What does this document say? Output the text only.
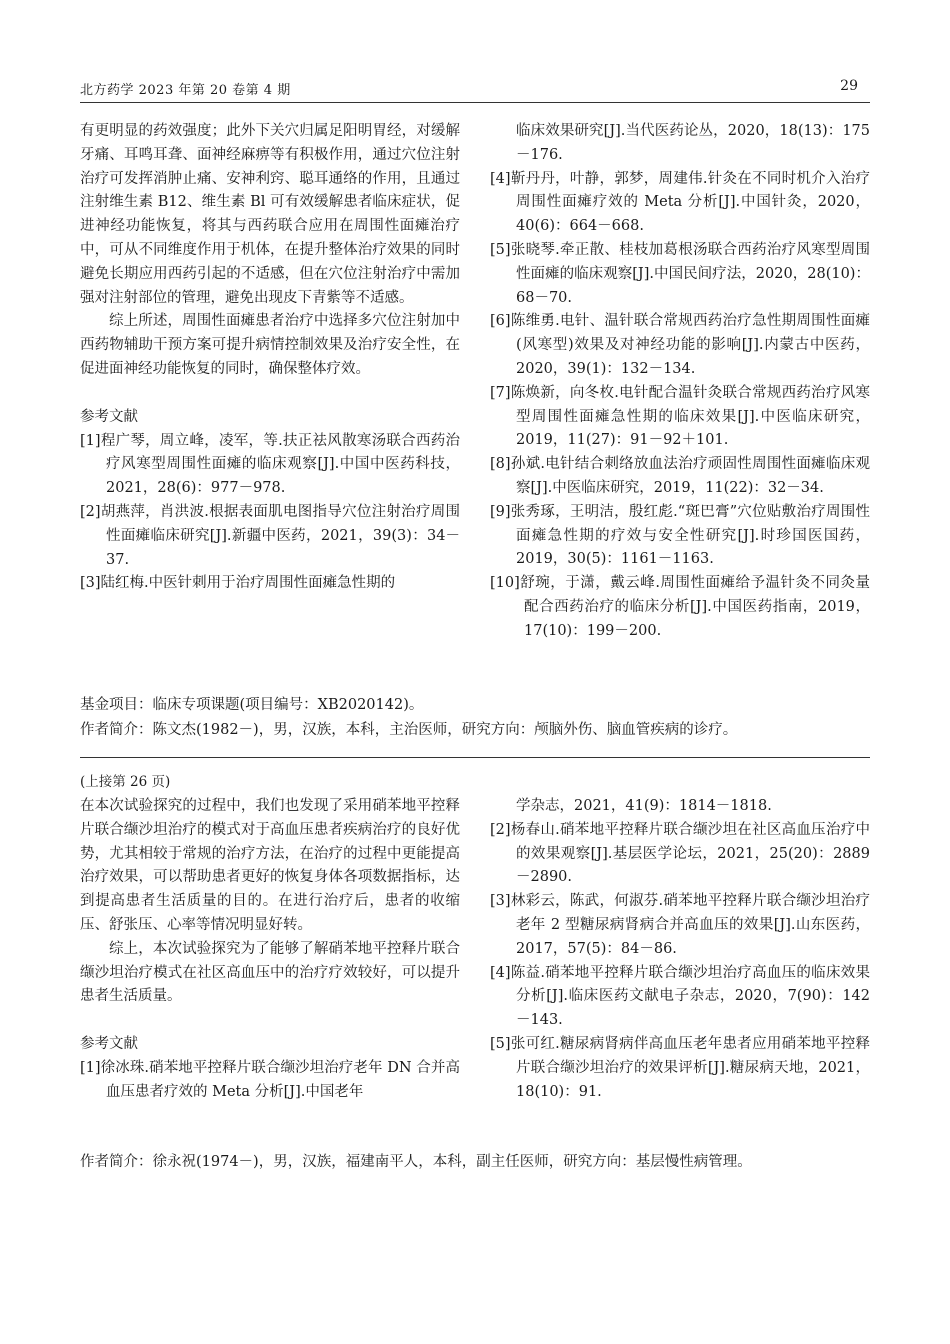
北方药学 2023 年第 20 卷第 4 期	29

有更明显的药效强度；此外下关穴归属足阳明胃经，对缓解牙痛、耳鸣耳聋、面神经麻痹等有积极作用，通过穴位注射治疗可发挥消肿止痛、安神利窍、聪耳通络的作用，且通过注射维生素 B12、维生素 Bl 可有效缓解患者临床症状，促进神经功能恢复，将其与西药联合应用在周围性面瘫治疗中，可从不同维度作用于机体，在提升整体治疗效果的同时避免长期应用西药引起的不适感，但在穴位注射治疗中需加强对注射部位的管理，避免出现皮下青紫等不适感。

综上所述，周围性面瘫患者治疗中选择多穴位注射加中西药物辅助干预方案可提升病情控制效果及治疗安全性，在促进面神经功能恢复的同时，确保整体疗效。

参考文献

[1]程广琴，周立峰，凌军，等.扶正祛风散寒汤联合西药治疗风寒型周围性面瘫的临床观察[J].中国中医药科技，2021，28(6)：977－978.

[2]胡燕萍，肖洪波.根据表面肌电图指导穴位注射治疗周围性面瘫临床研究[J].新疆中医药，2021，39(3)：34－37.

[3]陆红梅.中医针刺用于治疗周围性面瘫急性期的

临床效果研究[J].当代医药论丛，2020，18(13)：175－176.

[4]靳丹丹，叶静，郭梦，周建伟.针灸在不同时机介入治疗周围性面瘫疗效的 Meta 分析[J].中国针灸，2020，40(6)：664－668.

[5]张晓琴.牵正散、桂枝加葛根汤联合西药治疗风寒型周围性面瘫的临床观察[J].中国民间疗法，2020，28(10)：68－70.

[6]陈维勇.电针、温针联合常规西药治疗急性期周围性面瘫(风寒型)效果及对神经功能的影响[J].内蒙古中医药，2020，39(1)：132－134.

[7]陈焕新，向冬枚.电针配合温针灸联合常规西药治疗风寒型周围性面瘫急性期的临床效果[J].中医临床研究，2019，11(27)：91－92＋101.

[8]孙斌.电针结合刺络放血法治疗顽固性周围性面瘫临床观察[J].中医临床研究，2019，11(22)：32－34.

[9]张秀琢，王明洁，殷红彪.“斑巴膏”穴位贴敷治疗周围性面瘫急性期的疗效与安全性研究[J].时珍国医国药，2019，30(5)：1161－1163.

[10]舒琬，于潇，戴云峰.周围性面瘫给予温针灸不同灸量配合西药治疗的临床分析[J].中国医药指南，2019，17(10)：199－200.

基金项目：临床专项课题(项目编号：XB2020142)。
作者简介：陈文杰(1982－)，男，汉族，本科，主治医师，研究方向：颅脑外伤、脑血管疾病的诊疗。
(上接第 26 页)

在本次试验探究的过程中，我们也发现了采用硝苯地平控释片联合缬沙坦治疗的模式对于高血压患者疾病治疗的良好优势，尤其相较于常规的治疗方法，在治疗的过程中更能提高治疗效果，可以帮助患者更好的恢复身体各项数据指标，达到提高患者生活质量的目的。在进行治疗后，患者的收缩压、舒张压、心率等情况明显好转。

综上，本次试验探究为了能够了解硝苯地平控释片联合缬沙坦治疗模式在社区高血压中的治疗疗效较好，可以提升患者生活质量。

参考文献

[1]徐冰珠.硝苯地平控释片联合缬沙坦治疗老年 DN 合并高血压患者疗效的 Meta 分析[J].中国老年

学杂志，2021，41(9)：1814－1818.

[2]杨春山.硝苯地平控释片联合缬沙坦在社区高血压治疗中的效果观察[J].基层医学论坛，2021，25(20)：2889－2890.

[3]林彩云，陈武，何淑芬.硝苯地平控释片联合缬沙坦治疗老年 2 型糖尿病肾病合并高血压的效果[J].山东医药，2017，57(5)：84－86.

[4]陈益.硝苯地平控释片联合缬沙坦治疗高血压的临床效果分析[J].临床医药文献电子杂志，2020，7(90)：142－143.

[5]张可红.糖尿病肾病伴高血压老年患者应用硝苯地平控释片联合缬沙坦治疗的效果评析[J].糖尿病天地，2021，18(10)：91.

作者简介：徐永祝(1974－)，男，汉族，福建南平人，本科，副主任医师，研究方向：基层慢性病管理。
